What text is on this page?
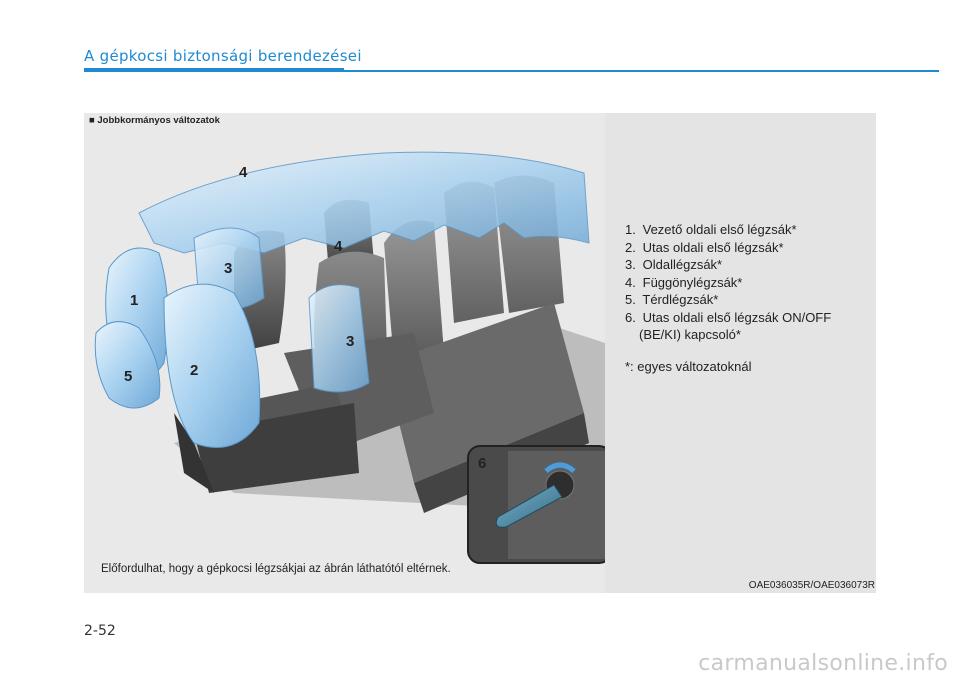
A gépkocsi biztonsági berendezései
4
3
4
3
1
2
5
6
■ Jobbkormányos változatok
1. Vezető oldali első légzsák*
2. Utas oldali első légzsák*
3. Oldallégzsák*
4. Függönylégzsák*
5. Térdlégzsák*
6. Utas oldali első légzsák ON/OFF
(BE/KI) kapcsoló*
*: egyes változatoknál
Előfordulhat, hogy a gépkocsi légzsákjai az ábrán láthatótól eltérnek.
OAE036035R/OAE036073R
2-52
carmanualsonline.info
